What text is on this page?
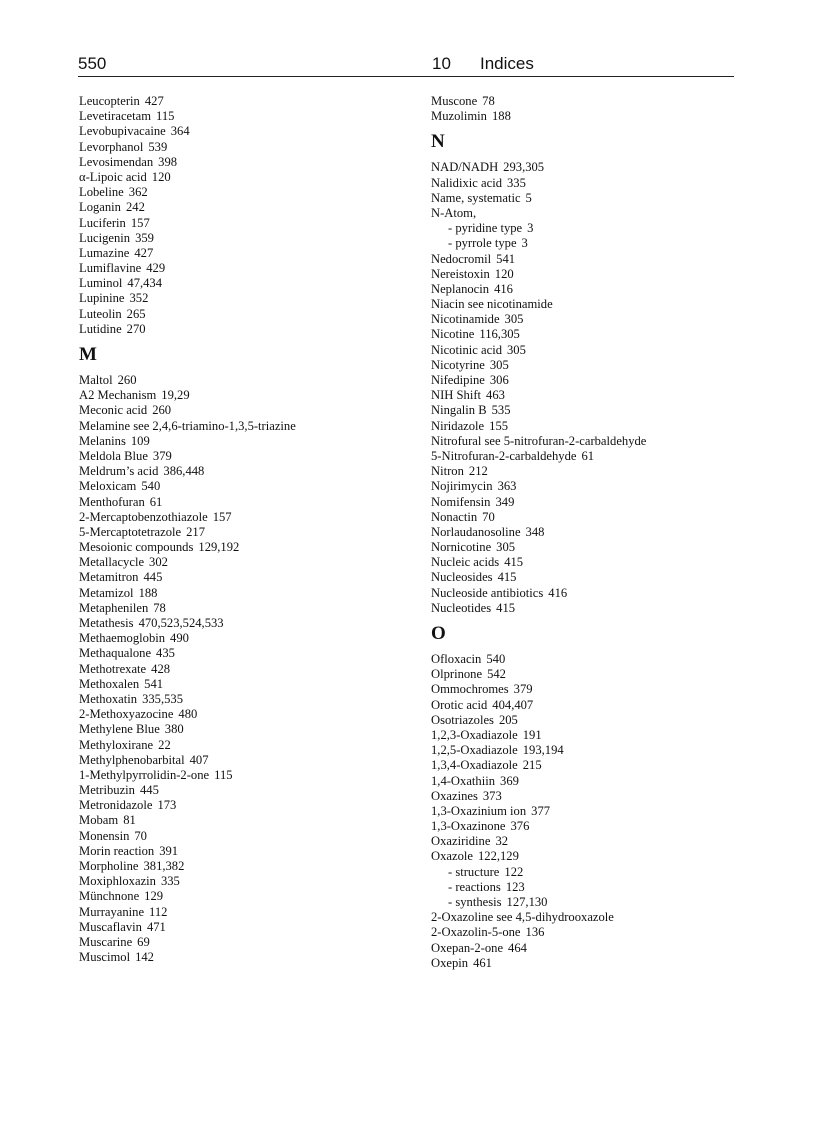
550	10 Indices
Leucopterin 427
Levetiracetam 115
Levobupivacaine 364
Levorphanol 539
Levosimendan 398
α-Lipoic acid 120
Lobeline 362
Loganin 242
Luciferin 157
Lucigenin 359
Lumazine 427
Lumiflavine 429
Luminol 47,434
Lupinine 352
Luteolin 265
Lutidine 270
M
Maltol 260
A2 Mechanism 19,29
Meconic acid 260
Melamine see 2,4,6-triamino-1,3,5-triazine
Melanins 109
Meldola Blue 379
Meldrum’s acid 386,448
Meloxicam 540
Menthofuran 61
2-Mercaptobenzothiazole 157
5-Mercaptotetrazole 217
Mesoionic compounds 129,192
Metallacycle 302
Metamitron 445
Metamizol 188
Metaphenilen 78
Metathesis 470,523,524,533
Methaemoglobin 490
Methaqualone 435
Methotrexate 428
Methoxalen 541
Methoxatin 335,535
2-Methoxyazocine 480
Methylene Blue 380
Methyloxirane 22
Methylphenobarbital 407
1-Methylpyrrolidin-2-one 115
Metribuzin 445
Metronidazole 173
Mobam 81
Monensin 70
Morin reaction 391
Morpholine 381,382
Moxiphloxazin 335
Münchnone 129
Murrayanine 112
Muscaflavin 471
Muscarine 69
Muscimol 142
Muscone 78
Muzolimin 188
N
NAD/NADH 293,305
Nalidixic acid 335
Name, systematic 5
N-Atom,
- pyridine type 3
- pyrrole type 3
Nedocromil 541
Nereistoxin 120
Neplanocin 416
Niacin see nicotinamide
Nicotinamide 305
Nicotine 116,305
Nicotinic acid 305
Nicotyrine 305
Nifedipine 306
NIH Shift 463
Ningalin B 535
Niridazole 155
Nitrofural see 5-nitrofuran-2-carbaldehyde
5-Nitrofuran-2-carbaldehyde 61
Nitron 212
Nojirimycin 363
Nomifensin 349
Nonactin 70
Norlaudanosoline 348
Nornicotine 305
Nucleic acids 415
Nucleosides 415
Nucleoside antibiotics 416
Nucleotides 415
O
Ofloxacin 540
Olprinone 542
Ommochromes 379
Orotic acid 404,407
Osotriazoles 205
1,2,3-Oxadiazole 191
1,2,5-Oxadiazole 193,194
1,3,4-Oxadiazole 215
1,4-Oxathiin 369
Oxazines 373
1,3-Oxazinium ion 377
1,3-Oxazinone 376
Oxaziridine 32
Oxazole 122,129
- structure 122
- reactions 123
- synthesis 127,130
2-Oxazoline see 4,5-dihydrooxazole
2-Oxazolin-5-one 136
Oxepan-2-one 464
Oxepin 461
